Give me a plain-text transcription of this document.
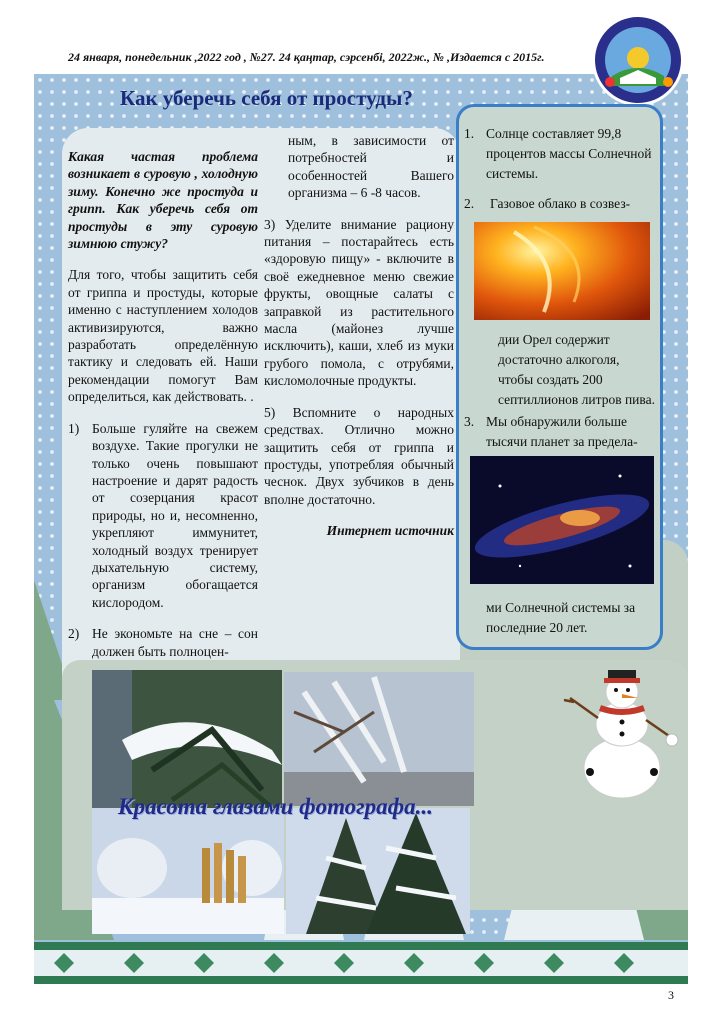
24 января, понедельник ,2022 год , №27. 24 қаңтар, сэрсенбі, 2022ж., № ,Издается с 2015г.
Как уберечь себя от простуды?

Какая частая проблема возникает в суровую , холодную зиму. Конечно же простуда и грипп. Как уберечь себя от простуды в эту суровую зимнюю стужу?

Для того, чтобы защитить себя от гриппа и простуды, которые именно с наступлением холодов активизируются, важно разработать определённую тактику и следовать ей. Наши рекомендации помогут Вам определиться, как действовать. .

1) Больше гуляйте на свежем воздухе. Такие прогулки не только очень повышают настроение и дарят радость от созерцания красот природы, но и, несомненно, укрепляют иммунитет, холодный воздух тренирует дыхательную систему, организм обогащается кислородом.
2) Не экономьте на сне – сон должен быть полноцен-

ным, в зависимости от потребностей и особенностей Вашего организма – 6 -8 часов.

3) Уделите внимание рациону питания – постарайтесь есть «здоровую пищу» - включите в своё ежедневное меню свежие фрукты, овощные салаты с заправкой из растительного масла (майонез лучше исключить), каши, хлеб из муки грубого помола, с отрубями, кисломолочные продукты.

5) Вспомните о народных средствах. Отлично можно защитить себя от гриппа и простуды, употребляя обычный чеснок. Двух зубчиков в день вполне достаточно.

Интернет источник

1. Солнце составляет 99,8 процентов массы Солнечной системы.
2. Газовое облако в созвез-
дии Орел содержит достаточно алкоголя, чтобы создать 200 септиллионов литров пива.
3. Мы обнаружили больше тысячи планет за предела-
ми Солнечной системы за последние 20 лет.
Красота глазами фотографа...
3
